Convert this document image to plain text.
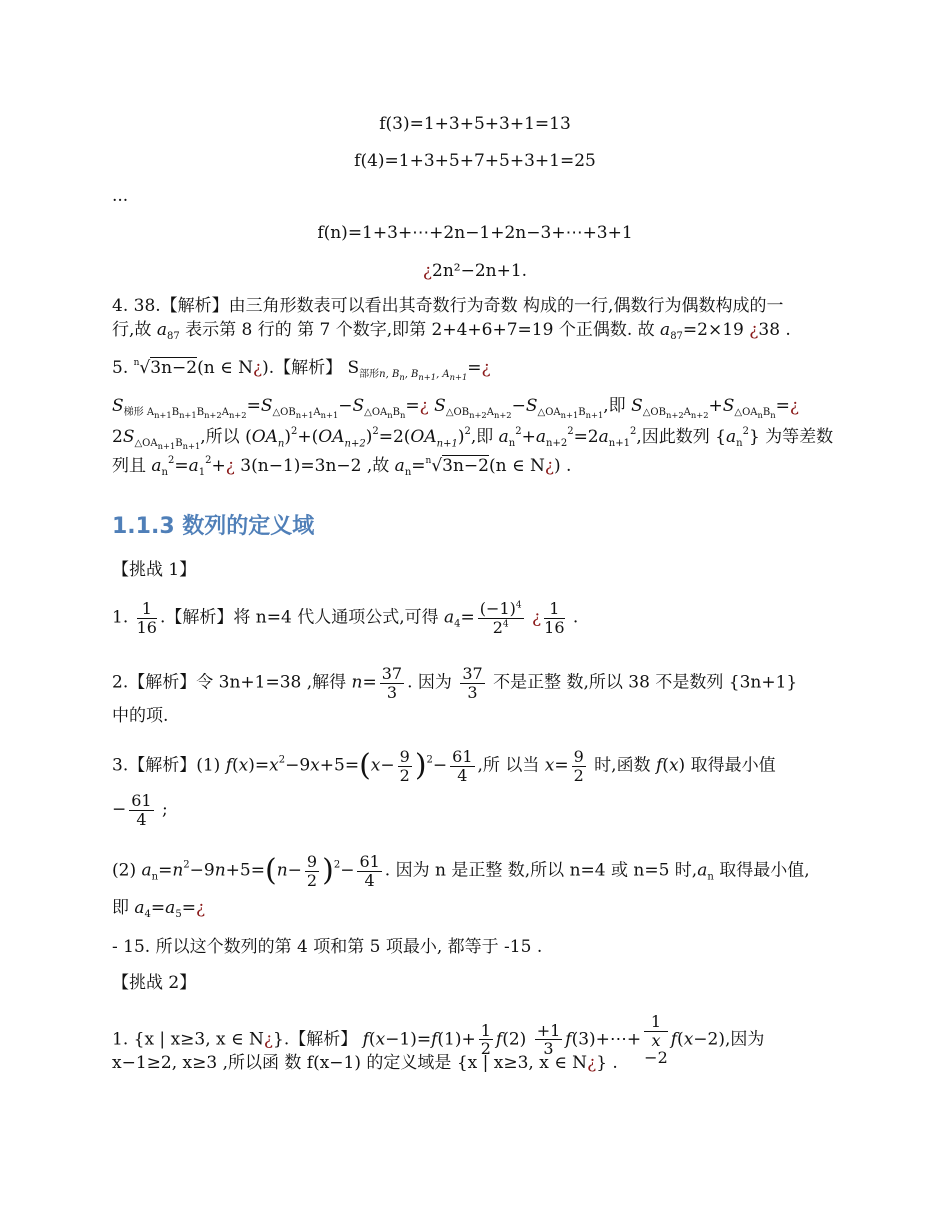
f(3)=1+3+5+3+1=13
f(4)=1+3+5+7+5+3+1=25
...
f(n)=1+3+⋯+2n−1+2n−3+⋯+3+1
¿2n²−2n+1.
4. 38.【解析】由三角形数表可以看出其奇数行为奇数 构成的一行,偶数行为偶数构成的一
行,故 $a_{87}$ 表示第 8 行的 第 7 个数字,即第 2+4+6+7=19 个正偶数. 故 $a_{87}=2\times 19$ ¿38 .
5. $^n$√3n−2(n ∈ N¿).【解析】 $S_{部形n, B_n, B_{n+1}, A_{n+1}}=¿$
$S_{梯形 A_{n+1}B_{n+1}B_{n+2}A_{n+2}}=S_{\triangle OB_{n+1}A_{n+1}}-S_{\triangle OA_nB_n}=¿$ $S_{\triangle OB_{n+2}A_{n+2}}-S_{\triangle OA_{n+1}B_{n+1}}$,即 $S_{\triangle OB_{n+2}A_{n+2}}+S_{\triangle OA_nB_n}=¿$
$2S_{\triangle OA_{n+1}B_{n+1}}$,所以 $(OA_n)^2+(OA_{n+2})^2=2(OA_{n+1})^2$,即 $a_n^2+a_{n+2}^2=2a_{n+1}^2$,因此数列 $\{a_n^2\}$ 为等差数
列且 $a_n^2=a_1^2+¿$ 3(n−1)=3n−2 ,故 $a_n=^n√3n-2(n$ ∈ N¿) .
1.1.3 数列的定义域
【挑战 1】
1. $\frac{1}{16}$ .【解析】将 n=4 代人通项公式,可得 $a_4= \frac{(-1)^4}{2^4}$ ¿ $\frac{1}{16}$ .
2.【解析】令 3n+1=38 ,解得 $n= \frac{37}{3}$ . 因为 $\frac{37}{3}$ 不是正整 数,所以 38 不是数列 {3n+1}
中的项.
3.【解析】(1) $f(x)=x^2-9x+5=(x- \frac{9}{2} )^2- \frac{61}{4}$ ,所 以当 $x= \frac{9}{2}$ 时,函数 f(x) 取得最小值
− $\frac{61}{4}$ ;
(2) $a_n=n^2-9n+5=(n- \frac{9}{2} )^2- \frac{61}{4}$ . 因为 n 是正整 数,所以 n=4 或 n=5 时$,a_n$ 取得最小值,
即 $a_4=a_5=¿$
- 15. 所以这个数列的第 4 项和第 5 项最小, 都等于 -15 .
【挑战 2】
1. {x | x≥3, x ∈ N¿}.【解析】 $f(x-1)=f(1)+ \frac{1}{2} f(2) \frac{+1}{3}$ f(3)+⋯+ 1
x
−2 f(x−2),因为
x−1≥2, x≥3 ,所以函 数 f(x−1) 的定义域是 {x | x≥3, x ∈ N¿} .
